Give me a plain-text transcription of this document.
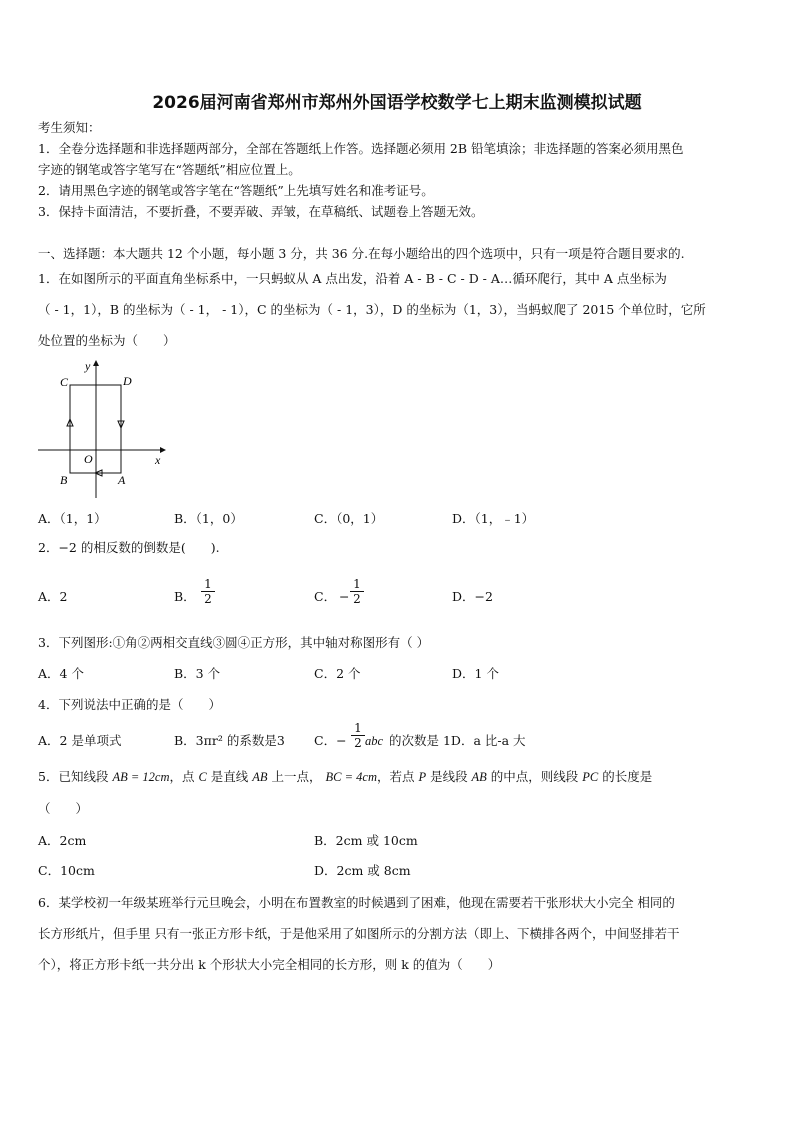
2026届河南省郑州市郑州外国语学校数学七上期末监测模拟试题
考生须知：
1．全卷分选择题和非选择题两部分，全部在答题纸上作答。选择题必须用 2B 铅笔填涂；非选择题的答案必须用黑色
字迹的钢笔或答字笔写在“答题纸”相应位置上。
2．请用黑色字迹的钢笔或答字笔在“答题纸”上先填写姓名和准考证号。
3．保持卡面清洁，不要折叠，不要弄破、弄皱，在草稿纸、试题卷上答题无效。
一、选择题：本大题共 12 个小题，每小题 3 分，共 36 分.在每小题给出的四个选项中，只有一项是符合题目要求的.
1．在如图所示的平面直角坐标系中，一只蚂蚁从 A 点出发，沿着 A - B - C - D - A…循环爬行，其中 A 点坐标为
（ - 1，1），B 的坐标为（ - 1， - 1），C 的坐标为（ - 1，3），D 的坐标为（1，3），当蚂蚁爬了 2015 个单位时，它所
处位置的坐标为（　　）
C	D
y
O	x
B	A
A．（1，1）	B．（1，0）	C．（0，1）	D．（1，﹣1）
2．−2 的相反数的倒数是(　　).
A．2	B． $\frac{1}{2}$	C． − $\frac{1}{2}$	D．−2
3．下列图形:①角②两相交直线③圆④正方形，其中轴对称图形有（ ）
A．4 个	B．3 个	C．2 个	D．1 个
4．下列说法中正确的是（　　）
A．2 是单项式	B．3πr² 的系数是3 C．− $\frac{1}{2}$ abc 的次数是 1D．a 比-a 大
5．已知线段 AB = 12cm，点 C 是直线 AB 上一点， BC = 4cm，若点 P 是线段 AB 的中点，则线段 PC 的长度是
（　　）
A．2cm	B．2cm 或 10cm
C．10cm	D．2cm 或 8cm
6．某学校初一年级某班举行元旦晚会，小明在布置教室的时候遇到了困难，他现在需要若干张形状大小完全 相同的
长方形纸片，但手里 只有一张正方形卡纸，于是他采用了如图所示的分割方法（即上、下横排各两个，中间竖排若干
个），将正方形卡纸一共分出 k 个形状大小完全相同的长方形，则 k 的值为（　　）
